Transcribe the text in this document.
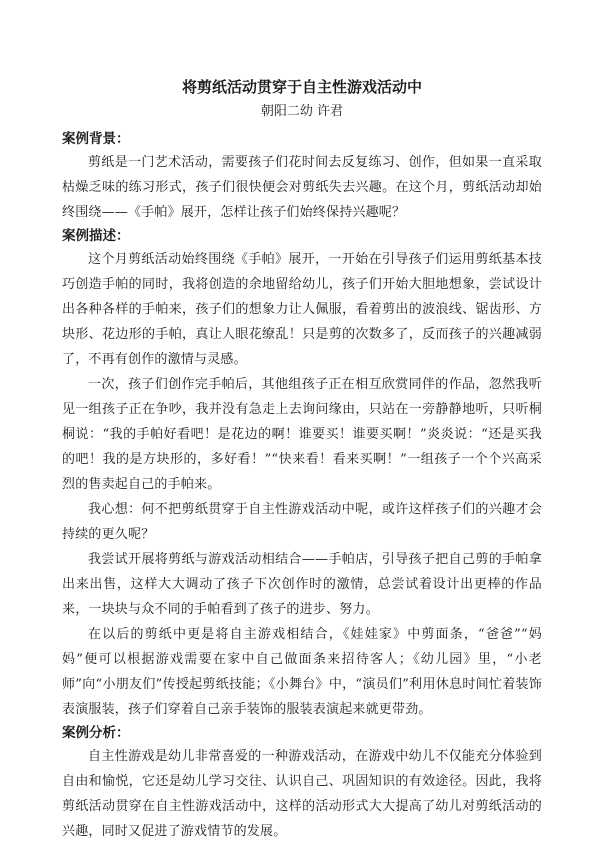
将剪纸活动贯穿于自主性游戏活动中
朝阳二幼 许君
案例背景：

剪纸是一门艺术活动，需要孩子们花时间去反复练习、创作，但如果一直采取枯燥乏味的练习形式，孩子们很快便会对剪纸失去兴趣。在这个月，剪纸活动却始终围绕——《手帕》展开，怎样让孩子们始终保持兴趣呢？

案例描述：

这个月剪纸活动始终围绕《手帕》展开，一开始在引导孩子们运用剪纸基本技巧创造手帕的同时，我将创造的余地留给幼儿，孩子们开始大胆地想象，尝试设计出各种各样的手帕来，孩子们的想象力让人佩服，看着剪出的波浪线、锯齿形、方块形、花边形的手帕，真让人眼花缭乱！只是剪的次数多了，反而孩子的兴趣减弱了，不再有创作的激情与灵感。

一次，孩子们创作完手帕后，其他组孩子正在相互欣赏同伴的作品，忽然我听见一组孩子正在争吵，我并没有急走上去询问缘由，只站在一旁静静地听，只听桐桐说：“我的手帕好看吧！是花边的啊！谁要买！谁要买啊！”炎炎说：“还是买我的吧！我的是方块形的，多好看！”“快来看！看来买啊！”一组孩子一个个兴高采烈的售卖起自己的手帕来。

我心想：何不把剪纸贯穿于自主性游戏活动中呢，或许这样孩子们的兴趣才会持续的更久呢？

我尝试开展将剪纸与游戏活动相结合——手帕店，引导孩子把自己剪的手帕拿出来出售，这样大大调动了孩子下次创作时的激情，总尝试着设计出更棒的作品来，一块块与众不同的手帕看到了孩子的进步、努力。

在以后的剪纸中更是将自主游戏相结合，《娃娃家》中剪面条，“爸爸”“妈妈”便可以根据游戏需要在家中自己做面条来招待客人；《幼儿园》里，“小老师”向“小朋友们”传授起剪纸技能；《小舞台》中，“演员们”利用休息时间忙着装饰表演服装，孩子们穿着自己亲手装饰的服装表演起来就更带劲。

案例分析：

自主性游戏是幼儿非常喜爱的一种游戏活动，在游戏中幼儿不仅能充分体验到自由和愉悦，它还是幼儿学习交往、认识自己、巩固知识的有效途径。因此，我将剪纸活动贯穿在自主性游戏活动中，这样的活动形式大大提高了幼儿对剪纸活动的兴趣，同时又促进了游戏情节的发展。
